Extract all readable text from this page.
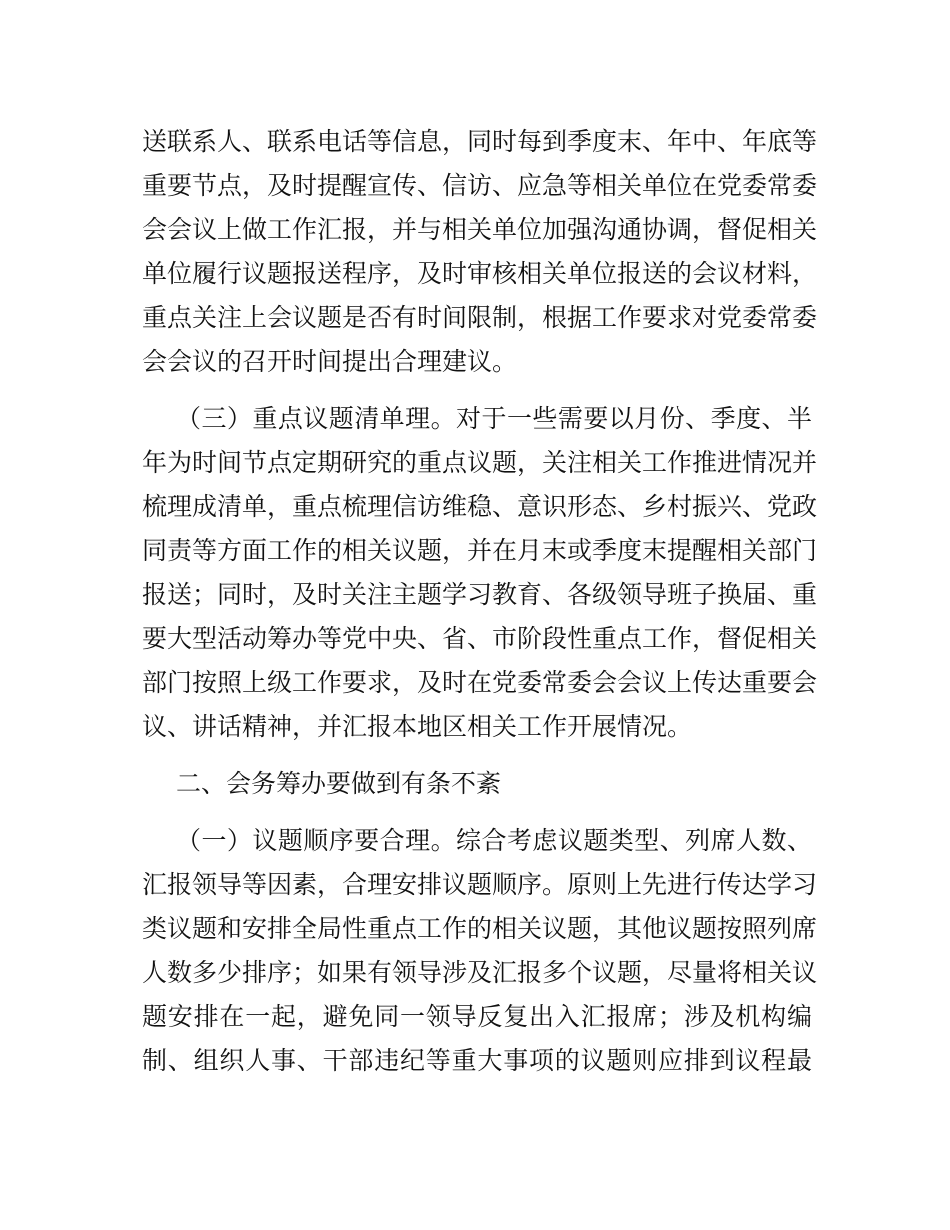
送联系人、联系电话等信息，同时每到季度末、年中、年底等
重要节点，及时提醒宣传、信访、应急等相关单位在党委常委
会会议上做工作汇报，并与相关单位加强沟通协调，督促相关
单位履行议题报送程序，及时审核相关单位报送的会议材料，
重点关注上会议题是否有时间限制，根据工作要求对党委常委
会会议的召开时间提出合理建议。
（三）重点议题清单理。对于一些需要以月份、季度、半
年为时间节点定期研究的重点议题，关注相关工作推进情况并
梳理成清单，重点梳理信访维稳、意识形态、乡村振兴、党政
同责等方面工作的相关议题，并在月末或季度末提醒相关部门
报送；同时，及时关注主题学习教育、各级领导班子换届、重
要大型活动筹办等党中央、省、市阶段性重点工作，督促相关
部门按照上级工作要求，及时在党委常委会会议上传达重要会
议、讲话精神，并汇报本地区相关工作开展情况。
二、会务筹办要做到有条不紊
（一）议题顺序要合理。综合考虑议题类型、列席人数、
汇报领导等因素，合理安排议题顺序。原则上先进行传达学习
类议题和安排全局性重点工作的相关议题，其他议题按照列席
人数多少排序；如果有领导涉及汇报多个议题，尽量将相关议
题安排在一起，避免同一领导反复出入汇报席；涉及机构编
制、组织人事、干部违纪等重大事项的议题则应排到议程最
